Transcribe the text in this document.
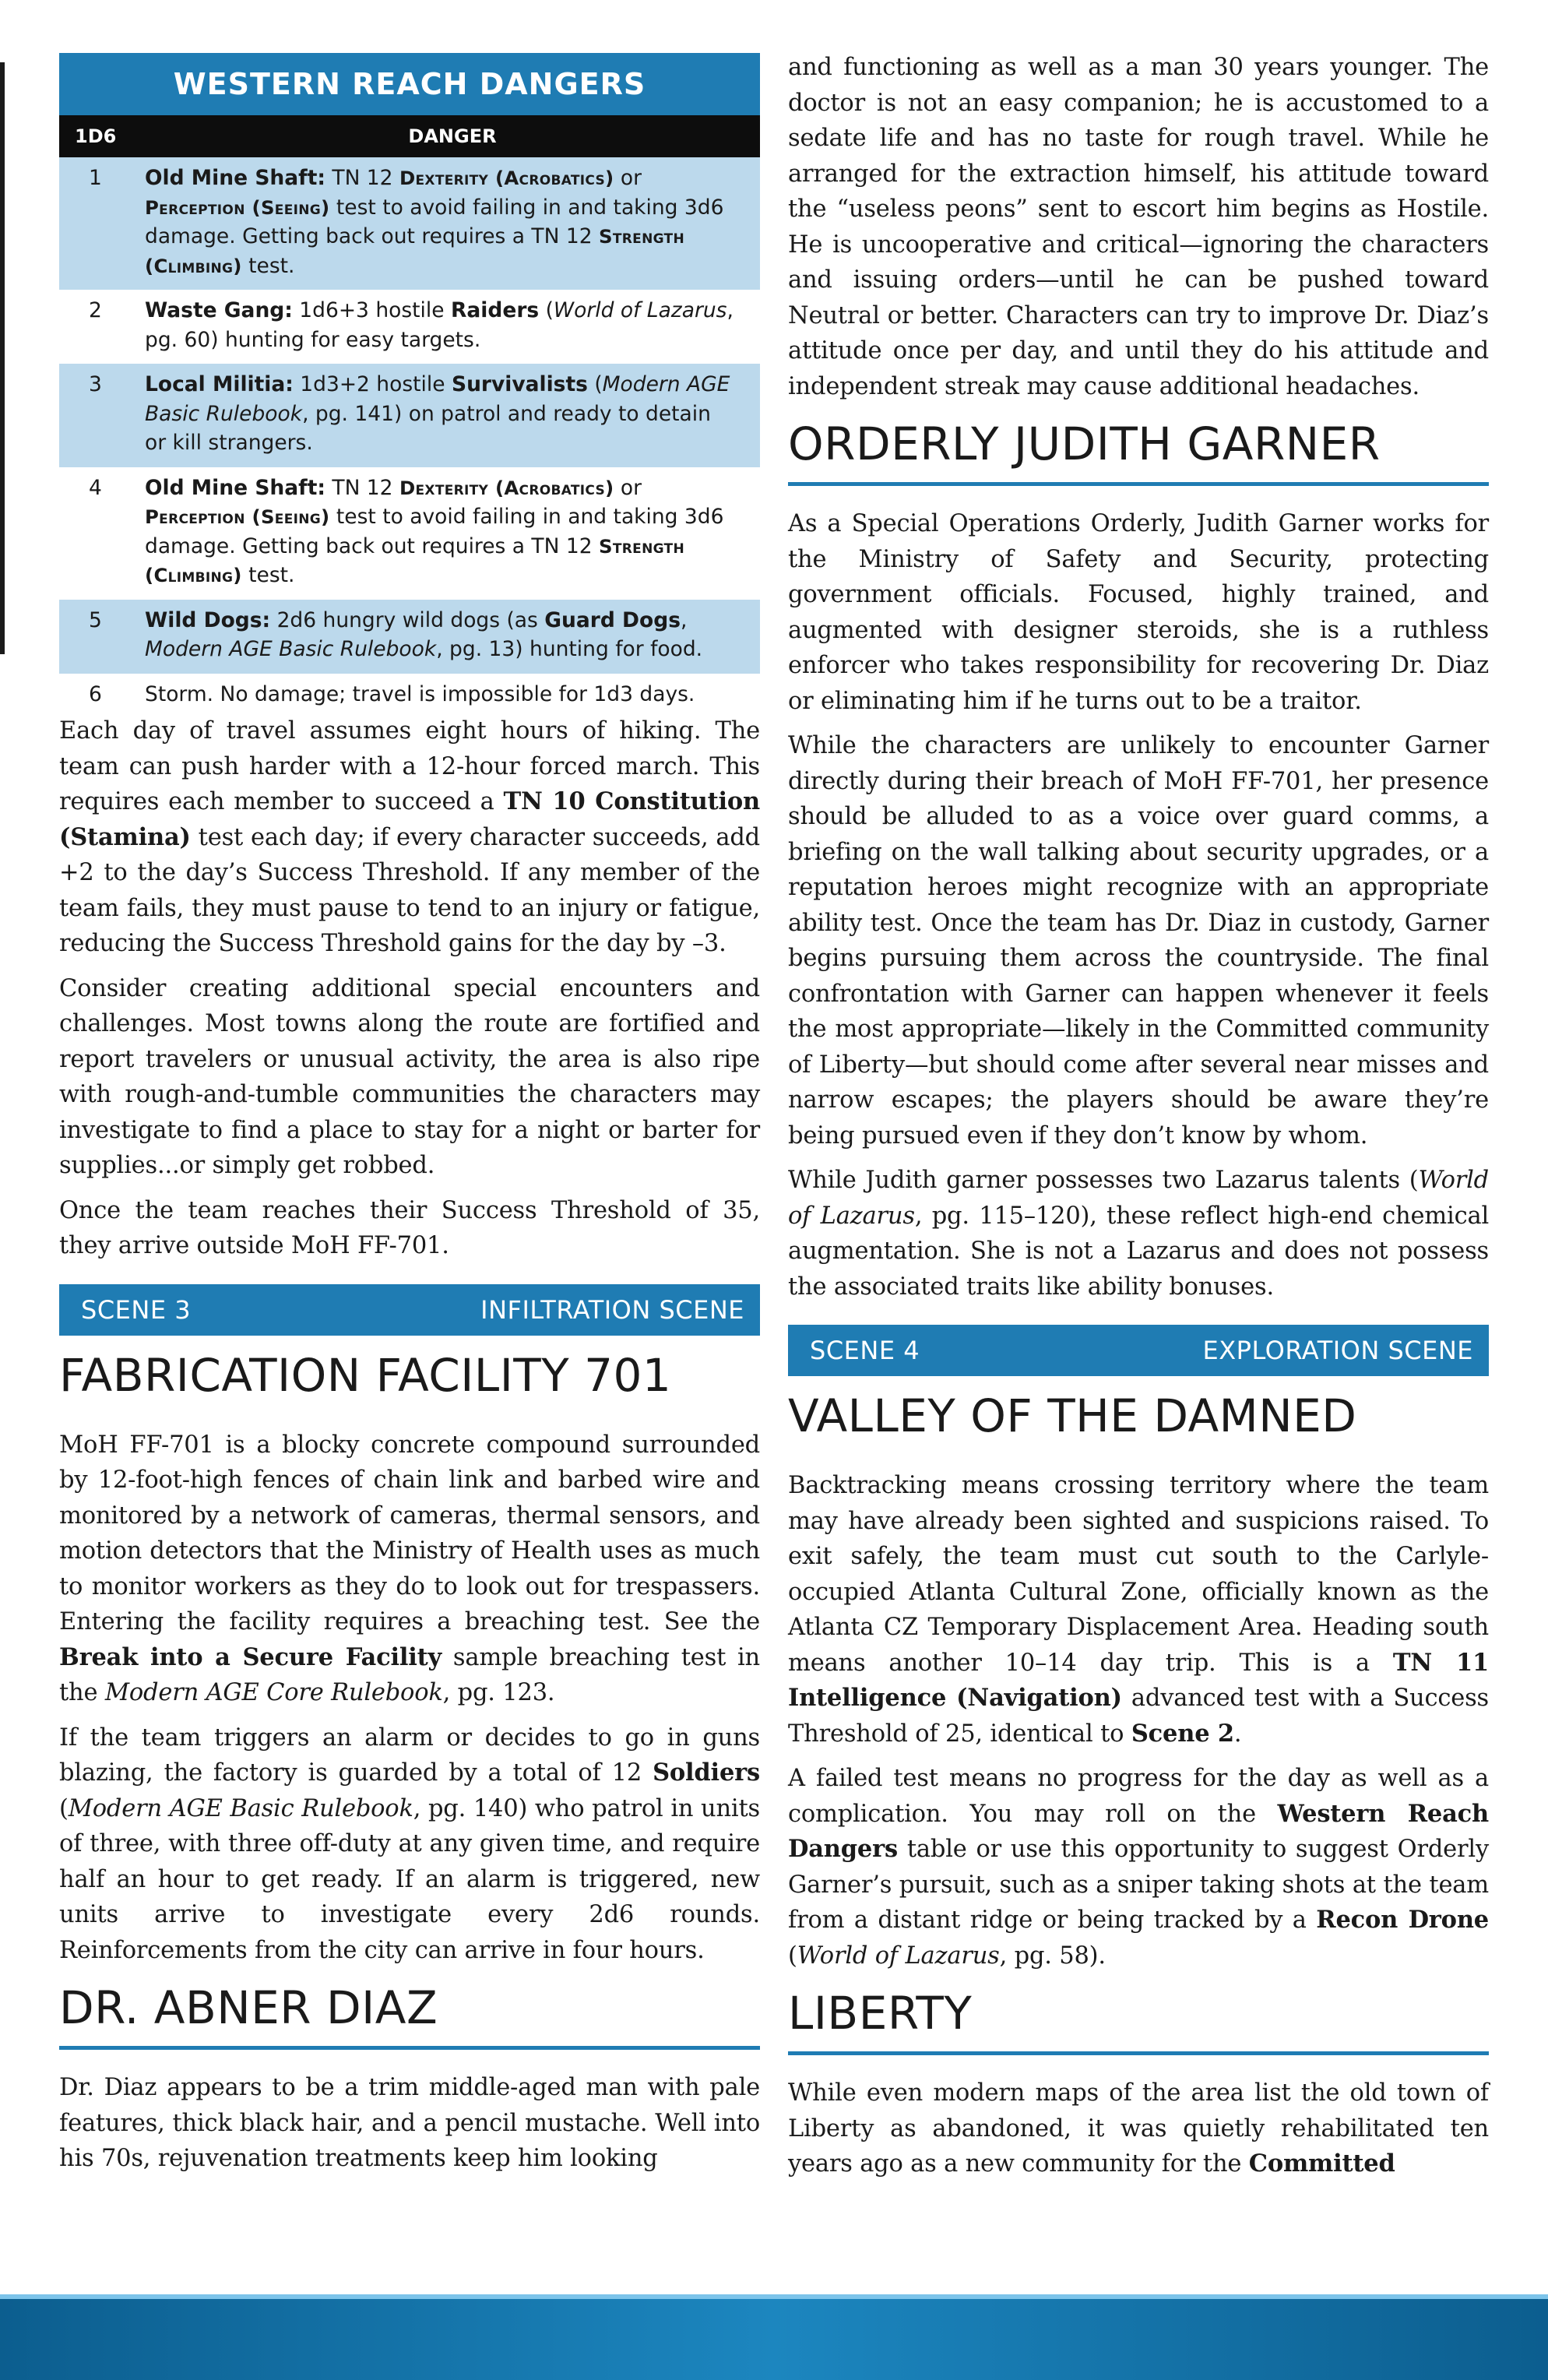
WESTERN REACH DANGERS
1D6	DANGER
1	Old Mine Shaft: TN 12 Dexterity (Acrobatics) or Perception (Seeing) test to avoid failing in and taking 3d6 damage. Getting back out requires a TN 12 Strength (Climbing) test.
2	Waste Gang: 1d6+3 hostile Raiders (World of Lazarus, pg. 60) hunting for easy targets.
3	Local Militia: 1d3+2 hostile Survivalists (Modern AGE Basic Rulebook, pg. 141) on patrol and ready to detain or kill strangers.
4	Old Mine Shaft: TN 12 Dexterity (Acrobatics) or Perception (Seeing) test to avoid failing in and taking 3d6 damage. Getting back out requires a TN 12 Strength (Climbing) test.
5	Wild Dogs: 2d6 hungry wild dogs (as Guard Dogs, Modern AGE Basic Rulebook, pg. 13) hunting for food.
6	Storm. No damage; travel is impossible for 1d3 days.

Each day of travel assumes eight hours of hiking. The team can push harder with a 12-hour forced march. This requires each member to succeed a TN 10 Constitution (Stamina) test each day; if every character succeeds, add +2 to the day’s Success Threshold. If any member of the team fails, they must pause to tend to an injury or fatigue, reducing the Success Threshold gains for the day by –3.

Consider creating additional special encounters and challenges. Most towns along the route are fortified and report travelers or unusual activity, the area is also ripe with rough-and-tumble communities the characters may investigate to find a place to stay for a night or barter for supplies...or simply get robbed.

Once the team reaches their Success Threshold of 35, they arrive outside MoH FF-701.

SCENE 3	INFILTRATION SCENE
FABRICATION FACILITY 701

MoH FF-701 is a blocky concrete compound surrounded by 12-foot-high fences of chain link and barbed wire and monitored by a network of cameras, thermal sensors, and motion detectors that the Ministry of Health uses as much to monitor workers as they do to look out for trespassers. Entering the facility requires a breaching test. See the Break into a Secure Facility sample breaching test in the Modern AGE Core Rulebook, pg. 123.

If the team triggers an alarm or decides to go in guns blazing, the factory is guarded by a total of 12 Soldiers (Modern AGE Basic Rulebook, pg. 140) who patrol in units of three, with three off-duty at any given time, and require half an hour to get ready. If an alarm is triggered, new units arrive to investigate every 2d6 rounds. Reinforcements from the city can arrive in four hours.

DR. ABNER DIAZ

Dr. Diaz appears to be a trim middle-aged man with pale features, thick black hair, and a pencil mustache. Well into his 70s, rejuvenation treatments keep him looking

and functioning as well as a man 30 years younger. The doctor is not an easy companion; he is accustomed to a sedate life and has no taste for rough travel. While he arranged for the extraction himself, his attitude toward the “useless peons” sent to escort him begins as Hostile. He is uncooperative and critical—ignoring the characters and issuing orders—until he can be pushed toward Neutral or better. Characters can try to improve Dr. Diaz’s attitude once per day, and until they do his attitude and independent streak may cause additional headaches.

ORDERLY JUDITH GARNER

As a Special Operations Orderly, Judith Garner works for the Ministry of Safety and Security, protecting government officials. Focused, highly trained, and augmented with designer steroids, she is a ruthless enforcer who takes responsibility for recovering Dr. Diaz or eliminating him if he turns out to be a traitor.

While the characters are unlikely to encounter Garner directly during their breach of MoH FF-701, her presence should be alluded to as a voice over guard comms, a briefing on the wall talking about security upgrades, or a reputation heroes might recognize with an appropriate ability test. Once the team has Dr. Diaz in custody, Garner begins pursuing them across the countryside. The final confrontation with Garner can happen whenever it feels the most appropriate—likely in the Committed community of Liberty—but should come after several near misses and narrow escapes; the players should be aware they’re being pursued even if they don’t know by whom.

While Judith garner possesses two Lazarus talents (World of Lazarus, pg. 115–120), these reflect high-end chemical augmentation. She is not a Lazarus and does not possess the associated traits like ability bonuses.

SCENE 4	EXPLORATION SCENE
VALLEY OF THE DAMNED

Backtracking means crossing territory where the team may have already been sighted and suspicions raised. To exit safely, the team must cut south to the Carlyle-occupied Atlanta Cultural Zone, officially known as the Atlanta CZ Temporary Displacement Area. Heading south means another 10–14 day trip. This is a TN 11 Intelligence (Navigation) advanced test with a Success Threshold of 25, identical to Scene 2.

A failed test means no progress for the day as well as a complication. You may roll on the Western Reach Dangers table or use this opportunity to suggest Orderly Garner’s pursuit, such as a sniper taking shots at the team from a distant ridge or being tracked by a Recon Drone (World of Lazarus, pg. 58).

LIBERTY

While even modern maps of the area list the old town of Liberty as abandoned, it was quietly rehabilitated ten years ago as a new community for the Committed
